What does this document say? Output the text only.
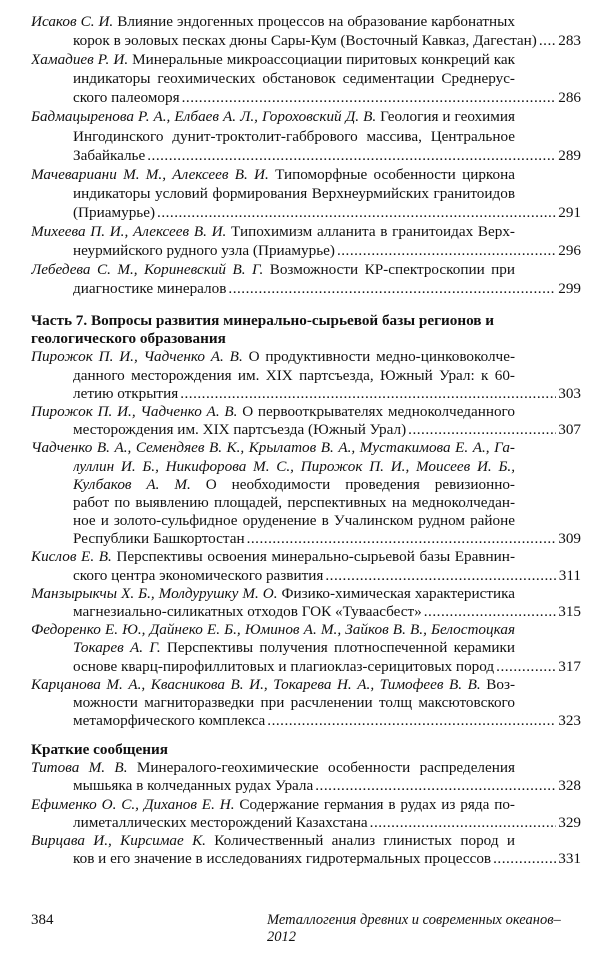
Исаков С. И. Влияние эндогенных процессов на образование карбонатных
корок в эоловых песках дюны Сары-Кум (Восточный Кавказ, Дагестан) ..... 283
Хамадиев Р. И. Минеральные микроассоциации пиритовых конкреций как
индикаторы геохимических обстановок седиментации Среднерус-
ского палеоморя .....	286
Бадмацыренова Р. А., Елбаев А. Л., Гороховский Д. В. Геология и геохимия
Ингодинского дунит-троктолит-габбрового массива, Центральное
Забайкалье .....	289
Мачевариани М. М., Алексеев В. И. Типоморфные особенности циркона
индикаторы условий формирования Верхнеурмийских гранитоидов
(Приамурье) .....	291
Михеева П. И., Алексеев В. И. Типохимизм алланита в гранитоидах Верх-
неурмийского рудного узла (Приамурье) .....	296
Лебедева С. М., Кориневский В. Г. Возможности КР-спектроскопии при
диагностике минералов .....	299
Часть 7. Вопросы развития минерально-сырьевой базы регионов и
геологического образования
Пирожок П. И., Чадченко А. В. О продуктивности медно-цинковоколче-
данного месторождения им. XIX партсъезда, Южный Урал: к 60-
летию открытия .....	303
Пирожок П. И., Чадченко А. В. О первооткрывателях медноколчеданного
месторождения им. XIX партсъезда (Южный Урал) .....	307
Чадченко В. А., Семендяев В. К., Крылатов В. А., Мустакимова Е. А., Га-
луллин И. Б., Никифорова М. С., Пирожок П. И., Моисеев И. Б.,
Кулбаков А. М. О необходимости проведения ревизионно-
работ по выявлению площадей, перспективных на медноколчедан-
ное и золото-сульфидное оруденение в Учалинском рудном районе
Республики Башкортостан .....	309
Кислов Е. В. Перспективы освоения минерально-сырьевой базы Еравнин-
ского центра экономического развития .....	311
Манзырыкчы Х. Б., Молдурушку М. О. Физико-химическая характеристика
магнезиально-силикатных отходов ГОК «Туваасбест» .....	315
Федоренко Е. Ю., Дайнеко Е. Б., Юминов А. М., Зайков В. В., Белостоцкая
Токарев А. Г. Перспективы получения плотноспеченной керамики
основе кварц-пирофиллитовых и плагиоклаз-серицитовых пород .....	317
Карцанова М. А., Квасникова В. И., Токарева Н. А., Тимофеев В. В. Воз-
можности магниторазведки при расчленении толщ максютовского
метаморфического комплекса .....	323
Краткие сообщения
Титова М. В. Минералого-геохимические особенности распределения
мышьяка в колчеданных рудах Урала .....	328
Ефименко О. С., Диханов Е. Н. Содержание германия в рудах из ряда по-
лиметаллических месторождений Казахстана .....	329
Вирцава И., Кирсимае К. Количественный анализ глинистых пород и
ков и его значение в исследованиях гидротермальных процессов .....	331
384	Металлогения древних и современных океанов–2012
